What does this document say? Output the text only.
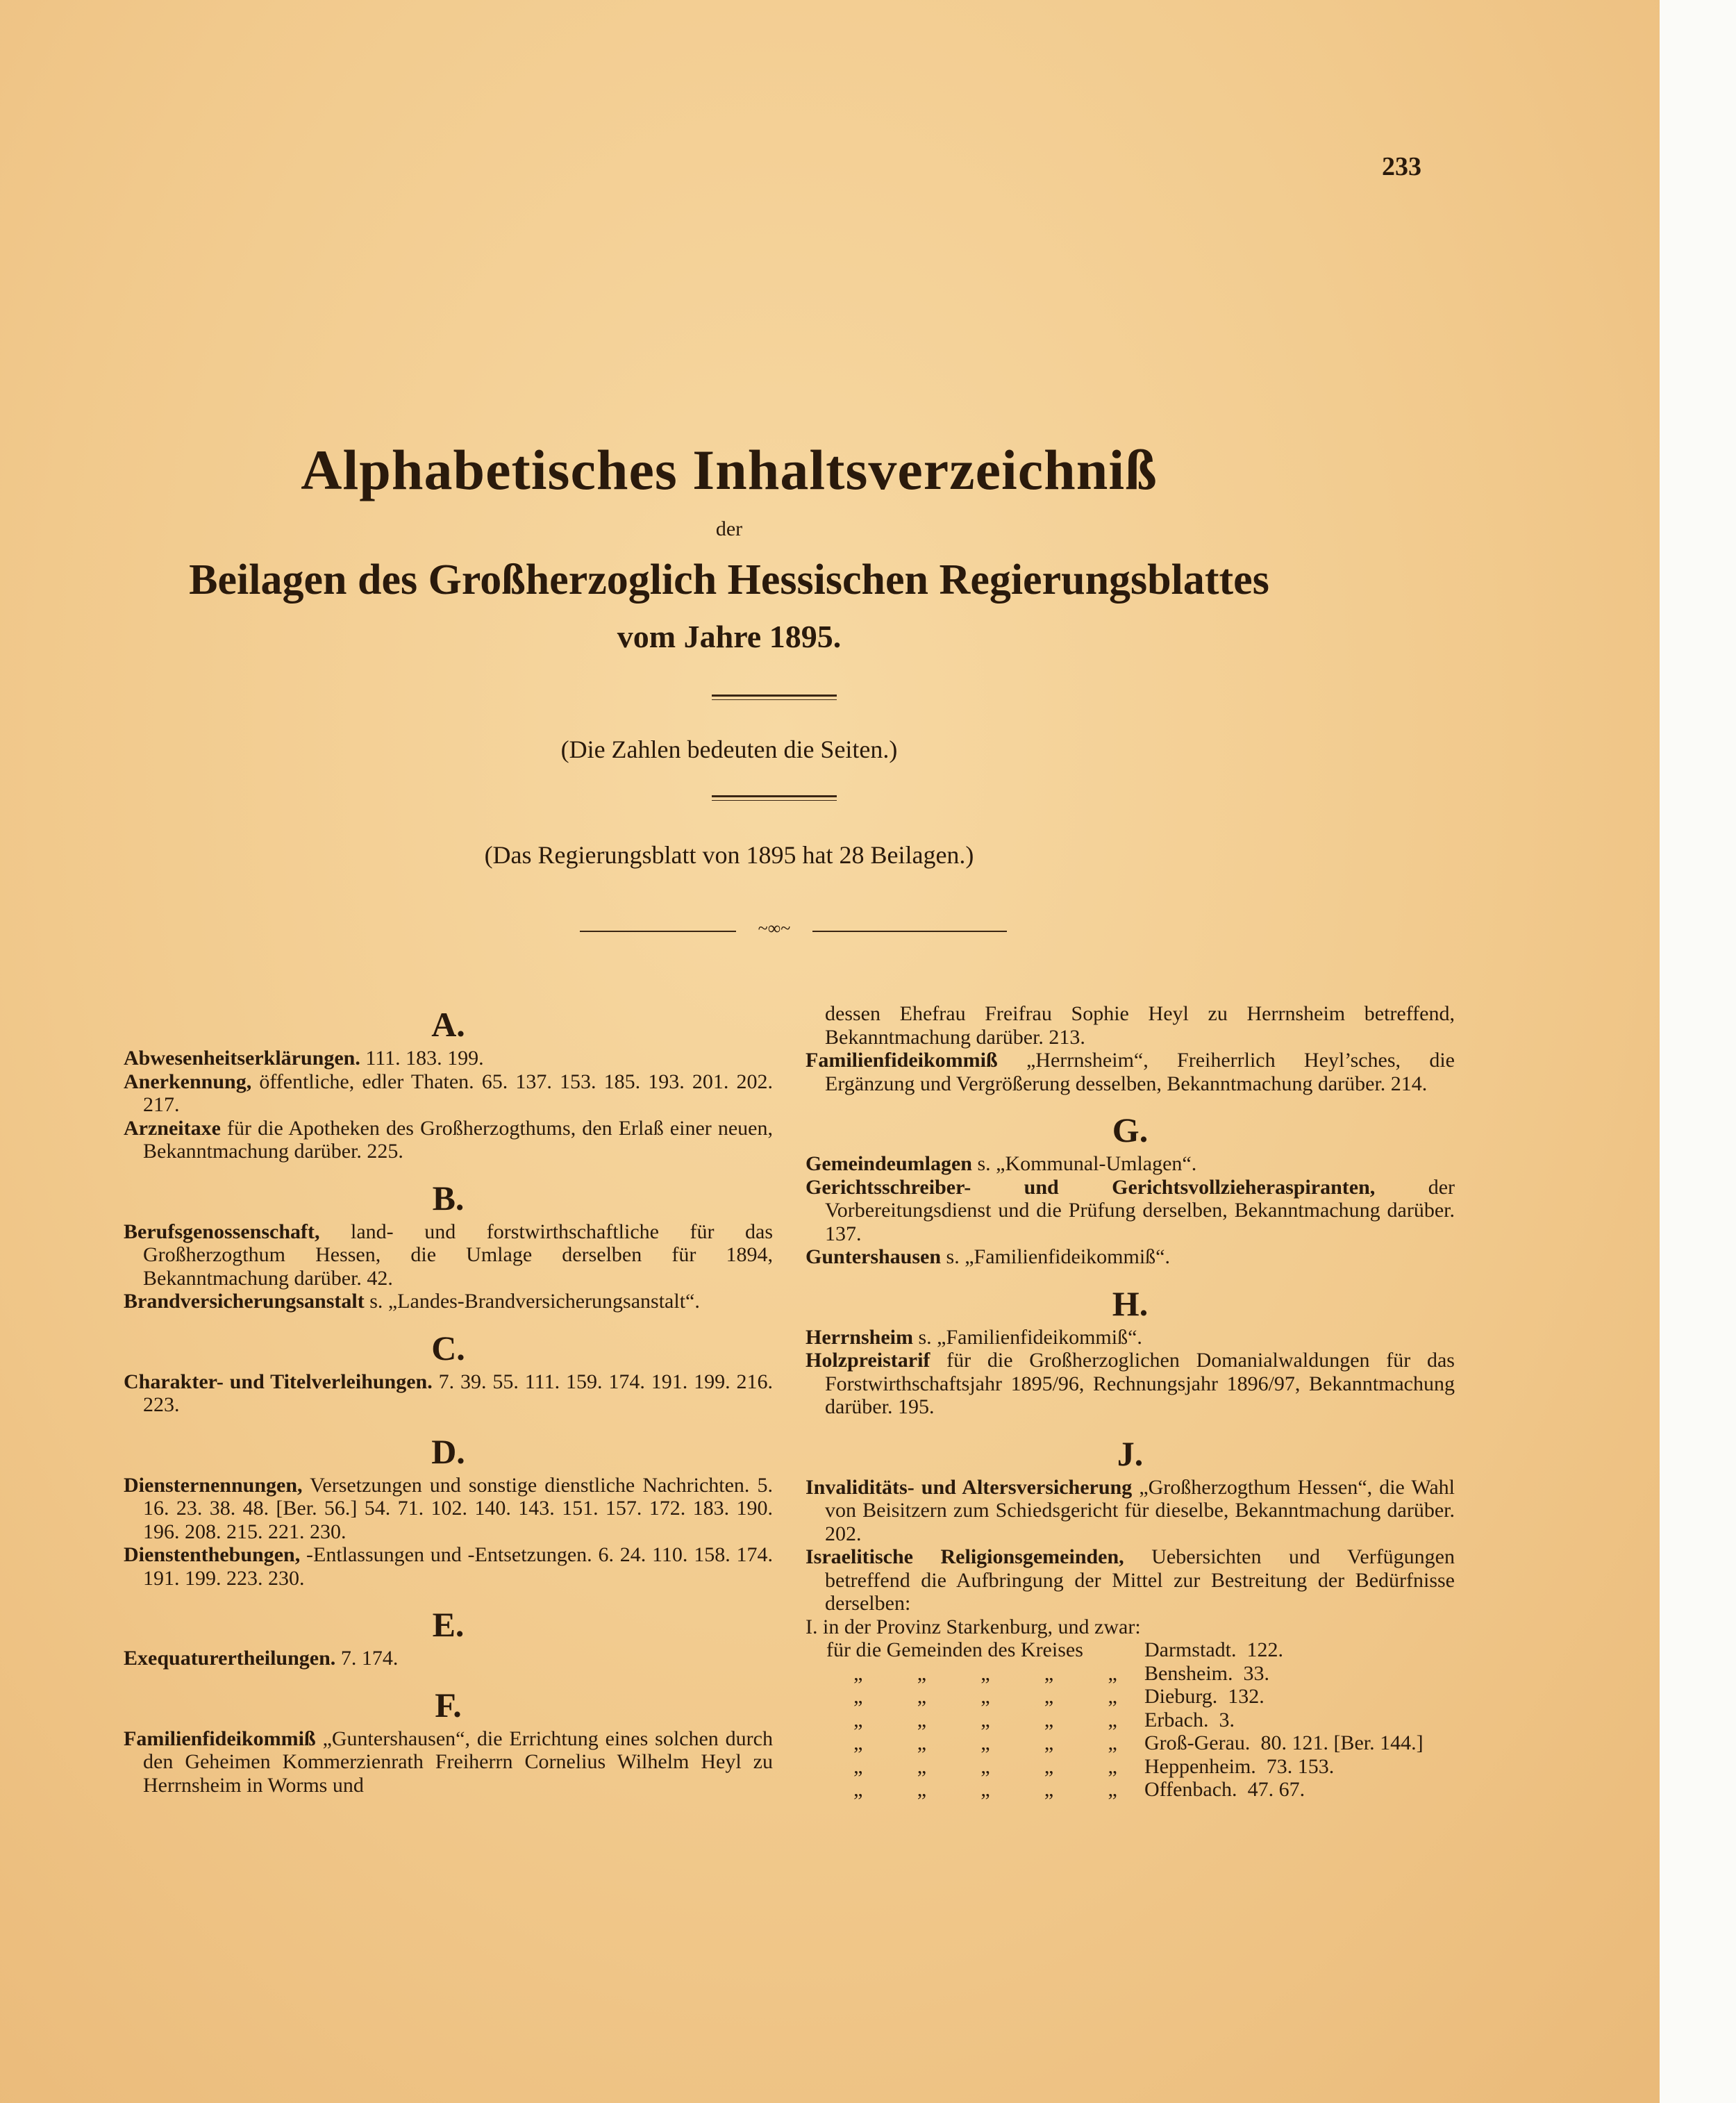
233
Alphabetisches Inhaltsverzeichniß
der
Beilagen des Großherzoglich Hessischen Regierungsblattes
vom Jahre 1895.
(Die Zahlen bedeuten die Seiten.)
(Das Regierungsblatt von 1895 hat 28 Beilagen.)
~∞~
A.
Abwesenheitserklärungen. 111. 183. 199.
Anerkennung, öffentliche, edler Thaten. 65. 137. 153. 185. 193. 201. 202. 217.
Arzneitaxe für die Apotheken des Großherzogthums, den Erlaß einer neuen, Bekanntmachung darüber. 225.
B.
Berufsgenossenschaft, land- und forstwirthschaftliche für das Großherzogthum Hessen, die Umlage derselben für 1894, Bekanntmachung darüber. 42.
Brandversicherungsanstalt s. „Landes-Brandversicherungsanstalt“.
C.
Charakter- und Titelverleihungen. 7. 39. 55. 111. 159. 174. 191. 199. 216. 223.
D.
Diensternennungen, Versetzungen und sonstige dienstliche Nachrichten. 5. 16. 23. 38. 48. [Ber. 56.] 54. 71. 102. 140. 143. 151. 157. 172. 183. 190. 196. 208. 215. 221. 230.
Dienstenthebungen, -Entlassungen und -Entsetzungen. 6. 24. 110. 158. 174. 191. 199. 223. 230.
E.
Exequaturertheilungen. 7. 174.
F.
Familienfideikommiß „Guntershausen“, die Errichtung eines solchen durch den Geheimen Kommerzienrath Freiherrn Cornelius Wilhelm Heyl zu Herrnsheim in Worms und
dessen Ehefrau Freifrau Sophie Heyl zu Herrnsheim betreffend, Bekanntmachung darüber. 213.
Familienfideikommiß „Herrnsheim“, Freiherrlich Heyl’sches, die Ergänzung und Vergrößerung desselben, Bekanntmachung darüber. 214.
G.
Gemeindeumlagen s. „Kommunal-Umlagen“.
Gerichtsschreiber- und Gerichtsvollzieheraspiranten, der Vorbereitungsdienst und die Prüfung derselben, Bekanntmachung darüber. 137.
Guntershausen s. „Familienfideikommiß“.
H.
Herrnsheim s. „Familienfideikommiß“.
Holzpreistarif für die Großherzoglichen Domanialwaldungen für das Forstwirthschaftsjahr 1895/96, Rechnungsjahr 1896/97, Bekanntmachung darüber. 195.
J.
Invaliditäts- und Altersversicherung „Großherzogthum Hessen“, die Wahl von Beisitzern zum Schiedsgericht für dieselbe, Bekanntmachung darüber. 202.
Israelitische Religionsgemeinden, Uebersichten und Verfügungen betreffend die Aufbringung der Mittel zur Bestreitung der Bedürfnisse derselben:
I. in der Provinz Starkenburg, und zwar:
für die Gemeinden des Kreises	Darmstadt. 122.
„	„	„	„	„ Bensheim. 33.
„	„	„	„	„ Dieburg. 132.
„	„	„	„	„ Erbach. 3.
„	„	„	„	„ Groß-Gerau. 80. 121. [Ber. 144.]
„	„	„	„	„ Heppenheim. 73. 153.
„	„	„	„	„ Offenbach. 47. 67.
